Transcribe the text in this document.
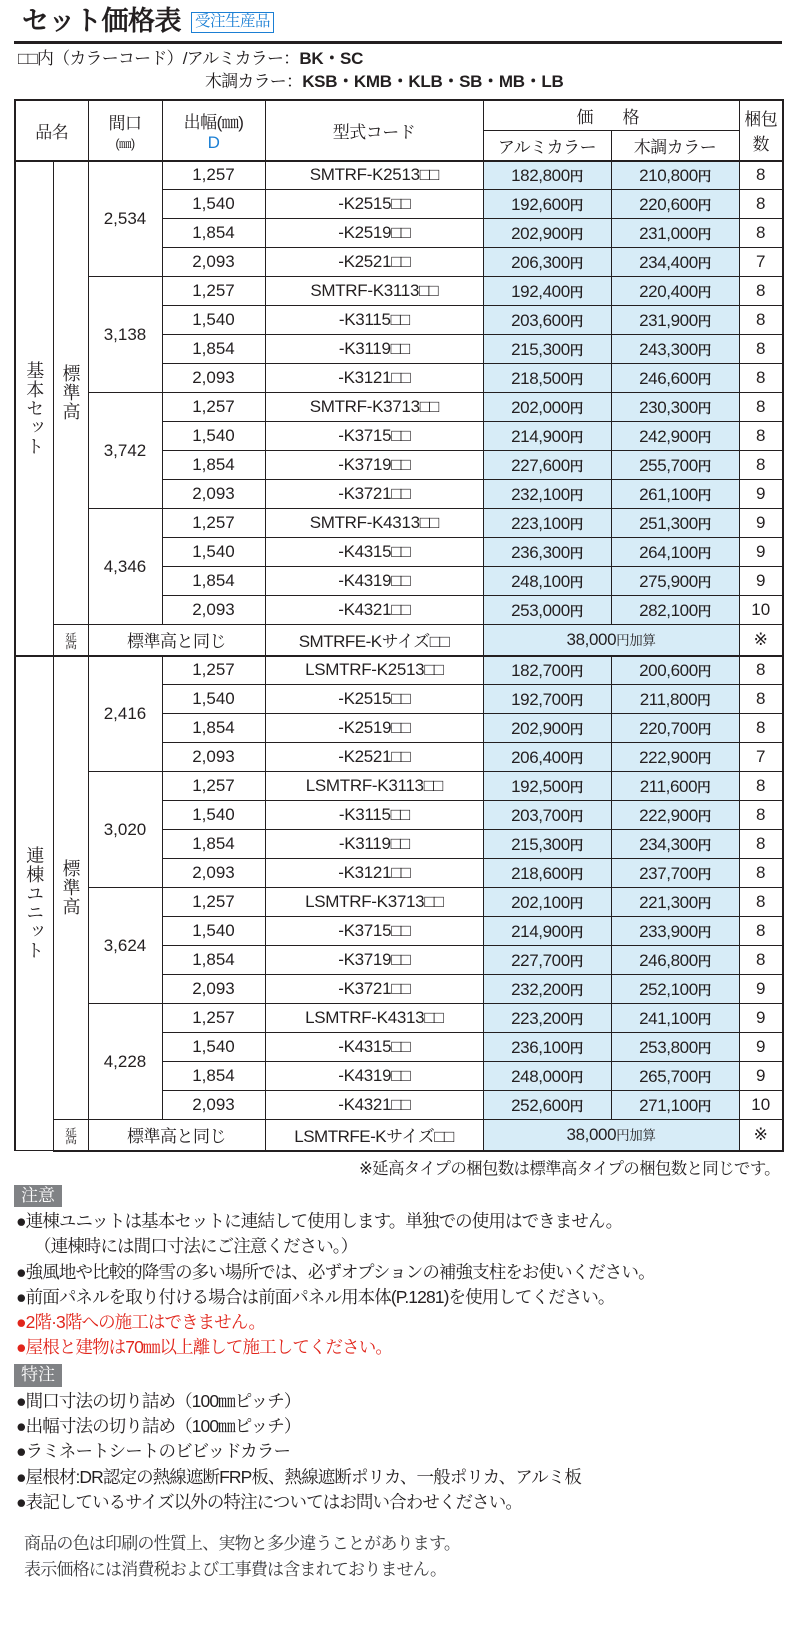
セット価格表 受注生産品
□□内（カラーコード）/アルミカラー：BK・SC
木調カラー：KSB・KMB・KLB・SB・MB・LB
品名	間口
(㎜)

出幅(㎜)
D
	型式コード	価　格	梱包
数

					アルミカラー	木調カラー	

基本セット	標準高	2,534	1,257	SMTRF-K2513□□	182,800円	210,800円	8
			1,540	-K2515□□	192,600円	220,600円	8
			1,854	-K2519□□	202,900円	231,000円	8
			2,093	-K2521□□	206,300円	234,400円	7
		3,138	1,257	SMTRF-K3113□□	192,400円	220,400円	8
			1,540	-K3115□□	203,600円	231,900円	8
			1,854	-K3119□□	215,300円	243,300円	8
			2,093	-K3121□□	218,500円	246,600円	8
		3,742	1,257	SMTRF-K3713□□	202,000円	230,300円	8
			1,540	-K3715□□	214,900円	242,900円	8
			1,854	-K3719□□	227,600円	255,700円	8
			2,093	-K3721□□	232,100円	261,100円	9
		4,346	1,257	SMTRF-K4313□□	223,100円	251,300円	9
			1,540	-K4315□□	236,300円	264,100円	9
			1,854	-K4319□□	248,100円	275,900円	9
			2,093	-K4321□□	253,000円	282,100円	10

	延高	標準高と同じ		SMTRFE-Kサイズ□□	38,000円加算		※

連棟ユニット	標準高	2,416	1,257	LSMTRF-K2513□□	182,700円	200,600円	8
			1,540	-K2515□□	192,700円	211,800円	8
			1,854	-K2519□□	202,900円	220,700円	8
			2,093	-K2521□□	206,400円	222,900円	7
		3,020	1,257	LSMTRF-K3113□□	192,500円	211,600円	8
			1,540	-K3115□□	203,700円	222,900円	8
			1,854	-K3119□□	215,300円	234,300円	8
			2,093	-K3121□□	218,600円	237,700円	8
		3,624	1,257	LSMTRF-K3713□□	202,100円	221,300円	8
			1,540	-K3715□□	214,900円	233,900円	8
			1,854	-K3719□□	227,700円	246,800円	8
			2,093	-K3721□□	232,200円	252,100円	9
		4,228	1,257	LSMTRF-K4313□□	223,200円	241,100円	9
			1,540	-K4315□□	236,100円	253,800円	9
			1,854	-K4319□□	248,000円	265,700円	9
			2,093	-K4321□□	252,600円	271,100円	10

	延高	標準高と同じ		LSMTRFE-Kサイズ□□	38,000円加算		※
※延高タイプの梱包数は標準高タイプの梱包数と同じです。
注意
●連棟ユニットは基本セットに連結して使用します。単独での使用はできません。
（連棟時には間口寸法にご注意ください。）
●強風地や比較的降雪の多い場所では、必ずオプションの補強支柱をお使いください。
●前面パネルを取り付ける場合は前面パネル用本体(P.1281)を使用してください。
●2階·3階への施工はできません。
●屋根と建物は70㎜以上離して施工してください。
特注
●間口寸法の切り詰め（100㎜ピッチ）
●出幅寸法の切り詰め（100㎜ピッチ）
●ラミネートシートのビビッドカラー
●屋根材:DR認定の熱線遮断FRP板、熱線遮断ポリカ、一般ポリカ、アルミ板
●表記しているサイズ以外の特注についてはお問い合わせください。
商品の色は印刷の性質上、実物と多少違うことがあります。
表示価格には消費税および工事費は含まれておりません。
